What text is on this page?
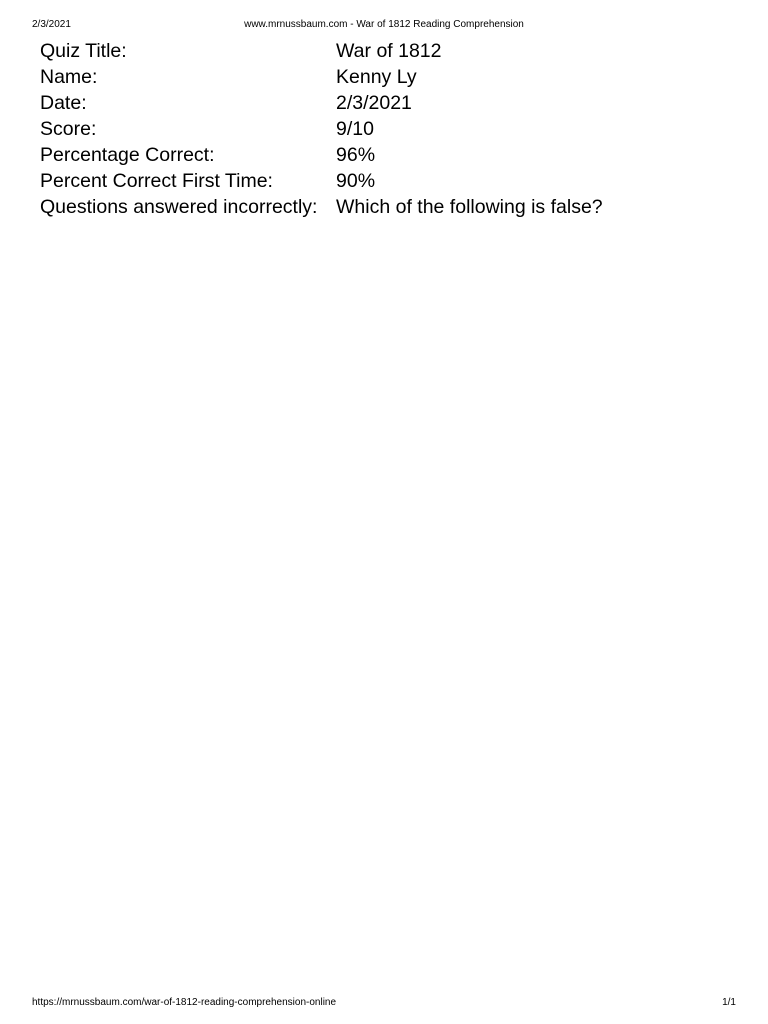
2/3/2021	www.mrnussbaum.com - War of 1812 Reading Comprehension
Quiz Title:	War of 1812
Name:	Kenny Ly
Date:	2/3/2021
Score:	9/10
Percentage Correct:	96%
Percent Correct First Time:	90%
Questions answered incorrectly: Which of the following is false?
https://mrnussbaum.com/war-of-1812-reading-comprehension-online	1/1
